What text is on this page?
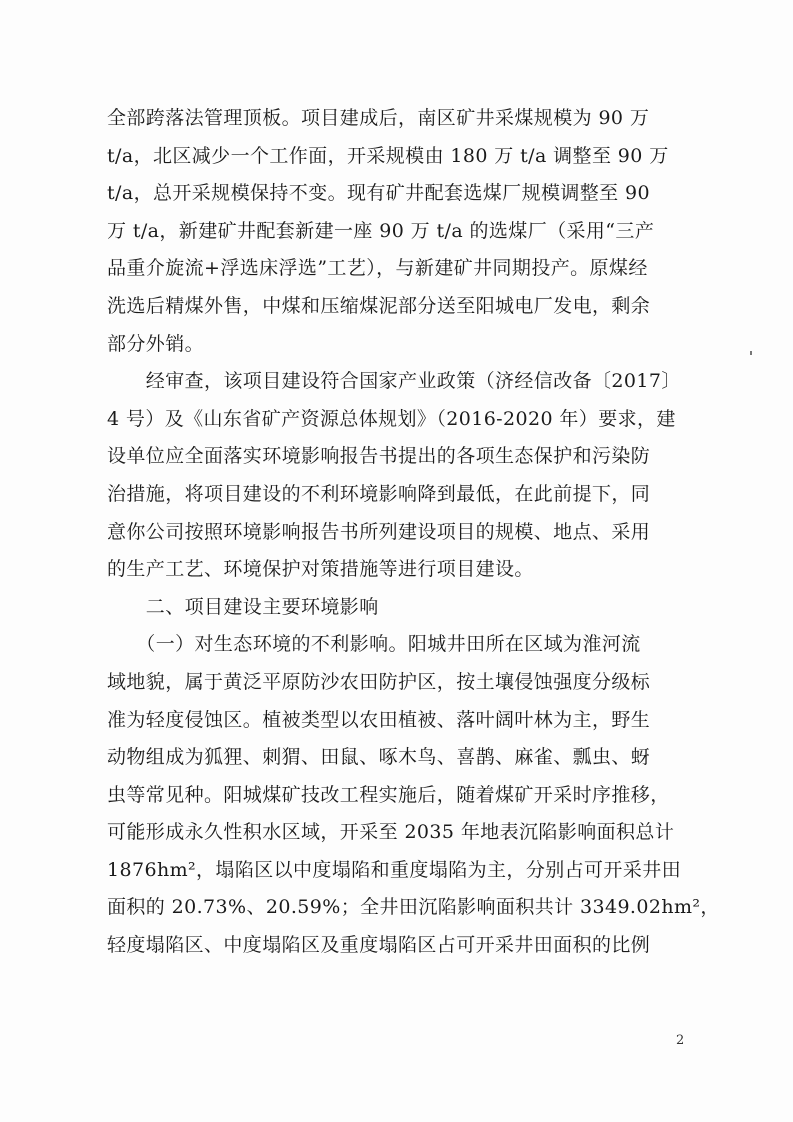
全部跨落法管理顶板。项目建成后，南区矿井采煤规模为 90 万
t/a，北区减少一个工作面，开采规模由 180 万 t/a 调整至 90 万
t/a，总开采规模保持不变。现有矿井配套选煤厂规模调整至 90
万 t/a，新建矿井配套新建一座 90 万 t/a 的选煤厂（采用“三产
品重介旋流+浮选床浮选”工艺），与新建矿井同期投产。原煤经
洗选后精煤外售，中煤和压缩煤泥部分送至阳城电厂发电，剩余
部分外销。
　　经审查，该项目建设符合国家产业政策（济经信改备〔2017〕
4 号）及《山东省矿产资源总体规划》（2016-2020 年）要求，建
设单位应全面落实环境影响报告书提出的各项生态保护和污染防
治措施，将项目建设的不利环境影响降到最低，在此前提下，同
意你公司按照环境影响报告书所列建设项目的规模、地点、采用
的生产工艺、环境保护对策措施等进行项目建设。
　　二、项目建设主要环境影响
　　（一）对生态环境的不利影响。阳城井田所在区域为淮河流
域地貌，属于黄泛平原防沙农田防护区，按土壤侵蚀强度分级标
准为轻度侵蚀区。植被类型以农田植被、落叶阔叶林为主，野生
动物组成为狐狸、刺猬、田鼠、啄木鸟、喜鹊、麻雀、瓢虫、蚜
虫等常见种。阳城煤矿技改工程实施后，随着煤矿开采时序推移，
可能形成永久性积水区域，开采至 2035 年地表沉陷影响面积总计
1876hm²，塌陷区以中度塌陷和重度塌陷为主，分别占可开采井田
面积的 20.73%、20.59%；全井田沉陷影响面积共计 3349.02hm²，
轻度塌陷区、中度塌陷区及重度塌陷区占可开采井田面积的比例
2
